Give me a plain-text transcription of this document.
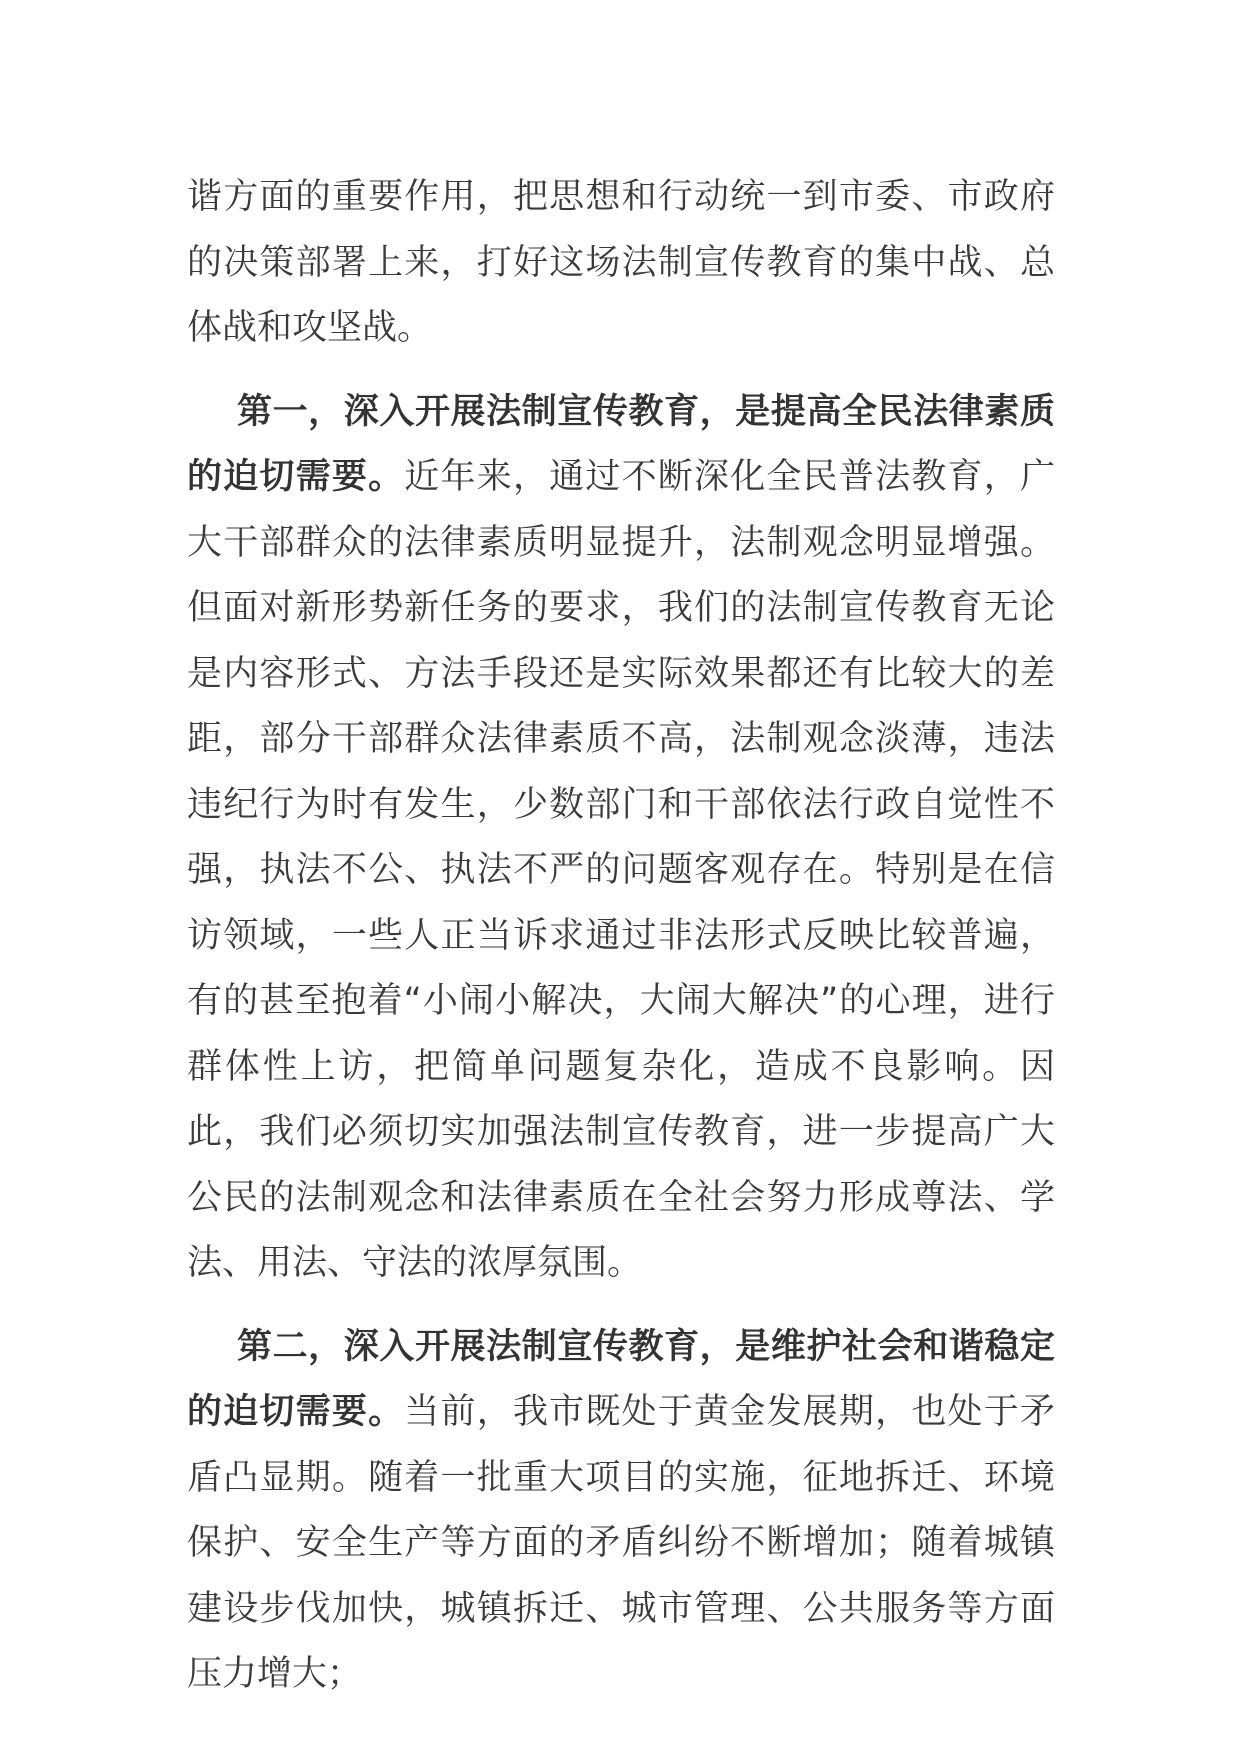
谐方面的重要作用，把思想和行动统一到市委、市政府的决策部署上来，打好这场法制宣传教育的集中战、总体战和攻坚战。

第一，深入开展法制宣传教育，是提高全民法律素质的迫切需要。近年来，通过不断深化全民普法教育，广大干部群众的法律素质明显提升，法制观念明显增强。但面对新形势新任务的要求，我们的法制宣传教育无论是内容形式、方法手段还是实际效果都还有比较大的差距，部分干部群众法律素质不高，法制观念淡薄，违法违纪行为时有发生，少数部门和干部依法行政自觉性不强，执法不公、执法不严的问题客观存在。特别是在信访领域，一些人正当诉求通过非法形式反映比较普遍，有的甚至抱着“小闹小解决，大闹大解决”的心理，进行群体性上访，把简单问题复杂化，造成不良影响。因此，我们必须切实加强法制宣传教育，进一步提高广大公民的法制观念和法律素质在全社会努力形成尊法、学法、用法、守法的浓厚氛围。

第二，深入开展法制宣传教育，是维护社会和谐稳定的迫切需要。当前，我市既处于黄金发展期，也处于矛盾凸显期。随着一批重大项目的实施，征地拆迁、环境保护、安全生产等方面的矛盾纠纷不断增加；随着城镇建设步伐加快，城镇拆迁、城市管理、公共服务等方面压力增大；
